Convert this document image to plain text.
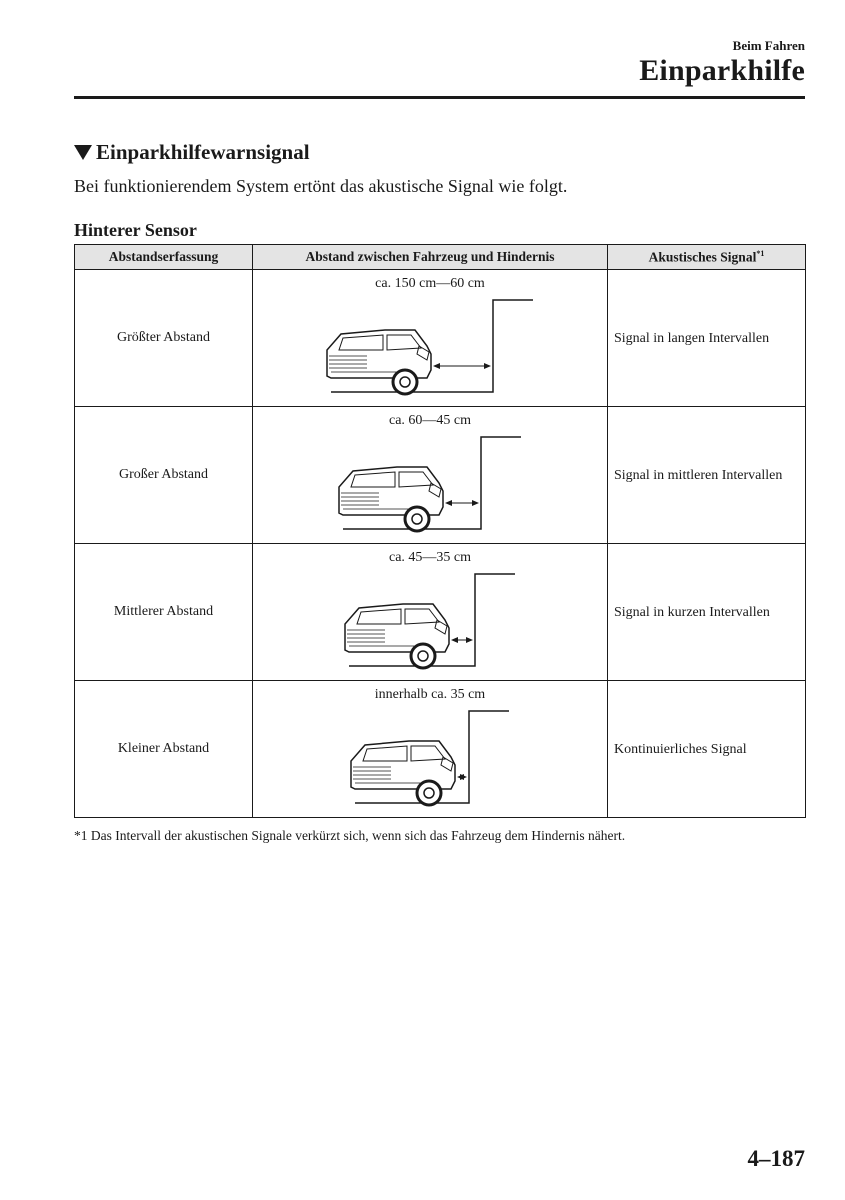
Beim Fahren
Einparkhilfe
Einparkhilfewarnsignal
Bei funktionierendem System ertönt das akustische Signal wie folgt.
Hinterer Sensor
Abstandserfassung	Abstand zwischen Fahrzeug und Hindernis	Akustisches Signal$^{*1}$
Größter Abstand	ca. 150 cm—60 cm	Signal in langen Intervallen
Großer Abstand	ca. 60—45 cm	Signal in mittleren Intervallen
Mittlerer Abstand	ca. 45—35 cm	Signal in kurzen Intervallen
Kleiner Abstand	innerhalb ca. 35 cm	Kontinuierliches Signal
*1 Das Intervall der akustischen Signale verkürzt sich, wenn sich das Fahrzeug dem Hindernis nähert.
4–187
